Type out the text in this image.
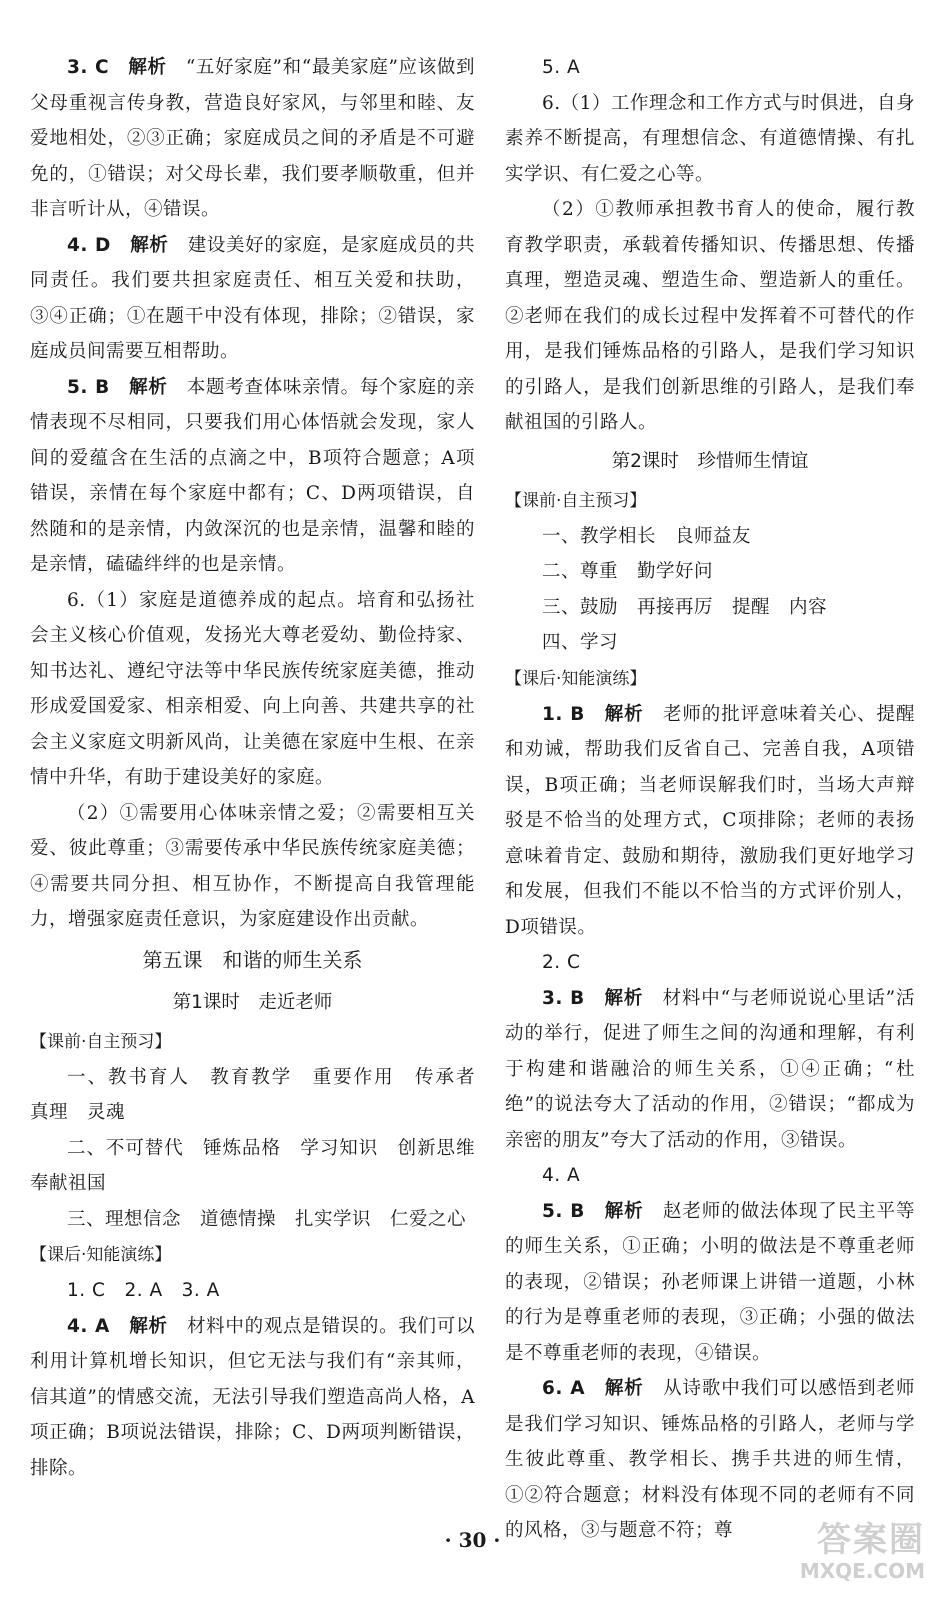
3. C　 解析　 “五好家庭”和“最美家庭”应该做到父母重视言传身教，营造良好家风，与邻里和睦、友爱地相处，②③正确；家庭成员之间的矛盾是不可避免的，①错误；对父母长辈，我们要孝顺敬重，但并非言听计从，④错误。

4. D　 解析　 建设美好的家庭，是家庭成员的共同责任。我们要共担家庭责任、相互关爱和扶助，③④正确；①在题干中没有体现，排除；②错误，家庭成员间需要互相帮助。

5. B　 解析　 本题考查体味亲情。每个家庭的亲情表现不尽相同，只要我们用心体悟就会发现，家人间的爱蕴含在生活的点滴之中，B项符合题意；A项错误，亲情在每个家庭中都有；C、D两项错误，自然随和的是亲情，内敛深沉的也是亲情，温馨和睦的是亲情，磕磕绊绊的也是亲情。

6.（1）家庭是道德养成的起点。培育和弘扬社会主义核心价值观，发扬光大尊老爱幼、勤俭持家、知书达礼、遵纪守法等中华民族传统家庭美德，推动形成爱国爱家、相亲相爱、向上向善、共建共享的社会主义家庭文明新风尚，让美德在家庭中生根、在亲情中升华，有助于建设美好的家庭。

（2）①需要用心体味亲情之爱；②需要相互关爱、彼此尊重；③需要传承中华民族传统家庭美德；④需要共同分担、相互协作，不断提高自我管理能力，增强家庭责任意识，为家庭建设作出贡献。

第五课　和谐的师生关系

第1课时　走近老师

【课前·自主预习】

一、教书育人　教育教学　重要作用　传承者　真理　灵魂

二、不可替代　锤炼品格　学习知识　创新思维　奉献祖国

三、理想信念　道德情操　扎实学识　仁爱之心

【课后·知能演练】

1. C　2. A　3. A

4. A　 解析　 材料中的观点是错误的。我们可以利用计算机增长知识，但它无法与我们有“亲其师，信其道”的情感交流，无法引导我们塑造高尚人格，A项正确；B项说法错误，排除；C、D两项判断错误，排除。

5. A

6.（1）工作理念和工作方式与时俱进，自身素养不断提高，有理想信念、有道德情操、有扎实学识、有仁爱之心等。

（2）①教师承担教书育人的使命，履行教育教学职责，承载着传播知识、传播思想、传播真理，塑造灵魂、塑造生命、塑造新人的重任。②老师在我们的成长过程中发挥着不可替代的作用，是我们锤炼品格的引路人，是我们学习知识的引路人，是我们创新思维的引路人，是我们奉献祖国的引路人。

第2课时　珍惜师生情谊

【课前·自主预习】

一、教学相长　良师益友

二、尊重　勤学好问

三、鼓励　再接再厉　提醒　内容

四、学习

【课后·知能演练】

1. B　 解析　 老师的批评意味着关心、提醒和劝诫，帮助我们反省自己、完善自我，A项错误，B项正确；当老师误解我们时，当场大声辩驳是不恰当的处理方式，C项排除；老师的表扬意味着肯定、鼓励和期待，激励我们更好地学习和发展，但我们不能以不恰当的方式评价别人，D项错误。

2. C

3. B　 解析　 材料中“与老师说说心里话”活动的举行，促进了师生之间的沟通和理解，有利于构建和谐融洽的师生关系，①④正确；“杜绝”的说法夸大了活动的作用，②错误；“都成为亲密的朋友”夸大了活动的作用，③错误。

4. A

5. B　 解析　 赵老师的做法体现了民主平等的师生关系，①正确；小明的做法是不尊重老师的表现，②错误；孙老师课上讲错一道题，小林的行为是尊重老师的表现，③正确；小强的做法是不尊重老师的表现，④错误。

6. A　 解析　 从诗歌中我们可以感悟到老师是我们学习知识、锤炼品格的引路人，老师与学生彼此尊重、教学相长、携手共进的师生情，①②符合题意；材料没有体现不同的老师有不同的风格，③与题意不符；尊

· 30 ·	答案圈
MXQE.COM
